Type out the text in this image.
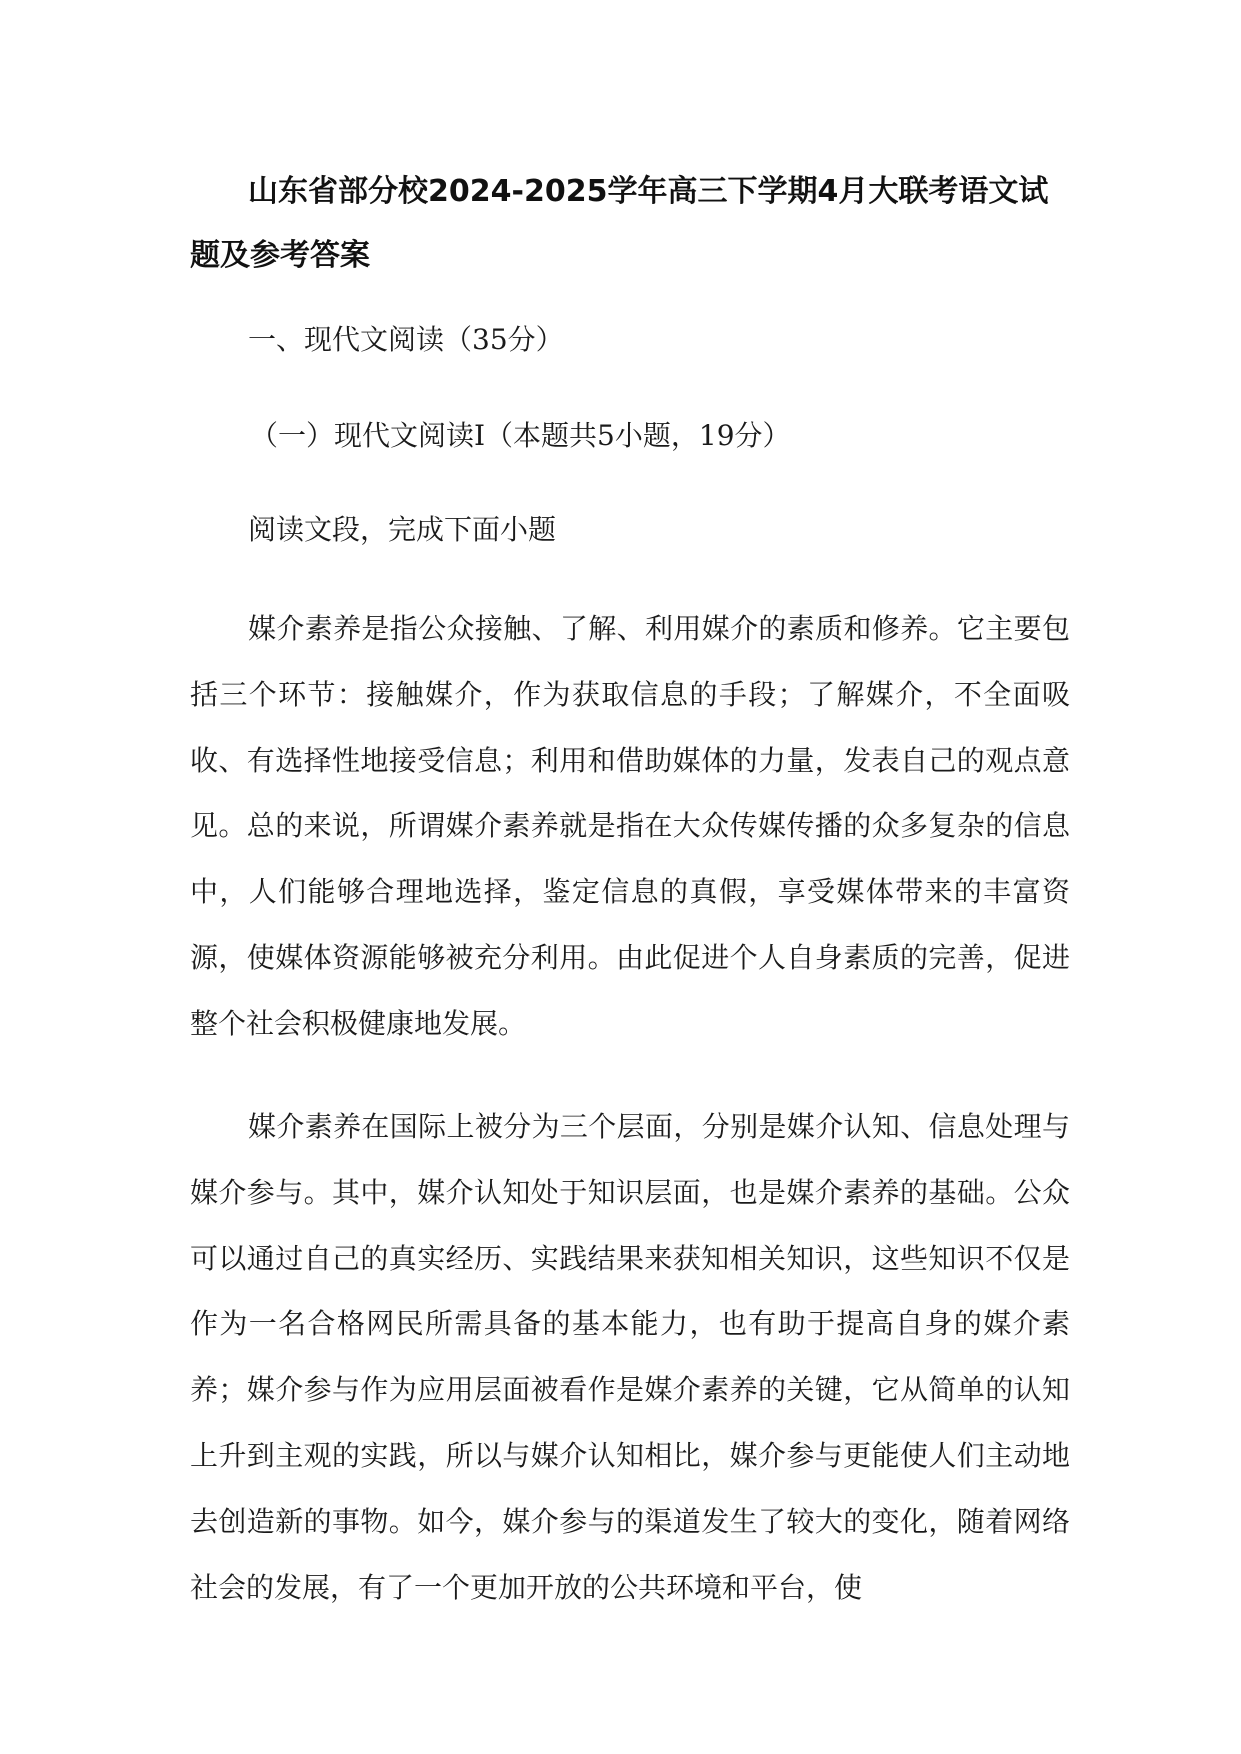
山东省部分校2024-2025学年高三下学期4月大联考语文试题及参考答案

一、现代文阅读（35分）

（一）现代文阅读Ⅰ（本题共5小题，19分）

阅读文段，完成下面小题

媒介素养是指公众接触、了解、利用媒介的素质和修养。它主要包括三个环节：接触媒介，作为获取信息的手段；了解媒介，不全面吸收、有选择性地接受信息；利用和借助媒体的力量，发表自己的观点意见。总的来说，所谓媒介素养就是指在大众传媒传播的众多复杂的信息中，人们能够合理地选择，鉴定信息的真假，享受媒体带来的丰富资源，使媒体资源能够被充分利用。由此促进个人自身素质的完善，促进整个社会积极健康地发展。

媒介素养在国际上被分为三个层面，分别是媒介认知、信息处理与媒介参与。其中，媒介认知处于知识层面，也是媒介素养的基础。公众可以通过自己的真实经历、实践结果来获知相关知识，这些知识不仅是作为一名合格网民所需具备的基本能力，也有助于提高自身的媒介素养；媒介参与作为应用层面被看作是媒介素养的关键，它从简单的认知上升到主观的实践，所以与媒介认知相比，媒介参与更能使人们主动地去创造新的事物。如今，媒介参与的渠道发生了较大的变化，随着网络社会的发展，有了一个更加开放的公共环境和平台，使
